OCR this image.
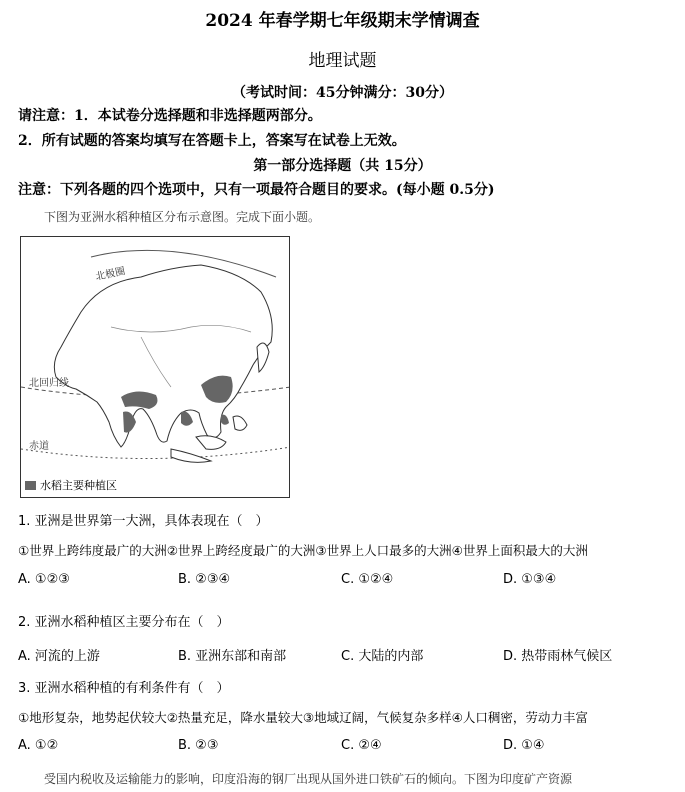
2024 年春学期七年级期末学情调查
地理试题
（考试时间：45分钟满分：30分）
请注意：1．本试卷分选择题和非选择题两部分。
2．所有试题的答案均填写在答题卡上，答案写在试卷上无效。
第一部分选择题（共 15分）
注意：下列各题的四个选项中，只有一项最符合题目的要求。(每小题 0.5分)
下图为亚洲水稻种植区分布示意图。完成下面小题。
北极圈
北回归线
赤道
水稻主要种植区
1. 亚洲是世界第一大洲，具体表现在（　）
①世界上跨纬度最广的大洲②世界上跨经度最广的大洲③世界上人口最多的大洲④世界上面积最大的大洲
A. ①②③	B. ②③④	C. ①②④	D. ①③④
2. 亚洲水稻种植区主要分布在（　）
A. 河流的上游	B. 亚洲东部和南部	C. 大陆的内部	D. 热带雨林气候区
3. 亚洲水稻种植的有利条件有（　）
①地形复杂，地势起伏较大②热量充足，降水量较大③地域辽阔，气候复杂多样④人口稠密，劳动力丰富
A. ①②	B. ②③	C. ②④	D. ①④
受国内税收及运输能力的影响，印度沿海的钢厂出现从国外进口铁矿石的倾向。下图为印度矿产资源
